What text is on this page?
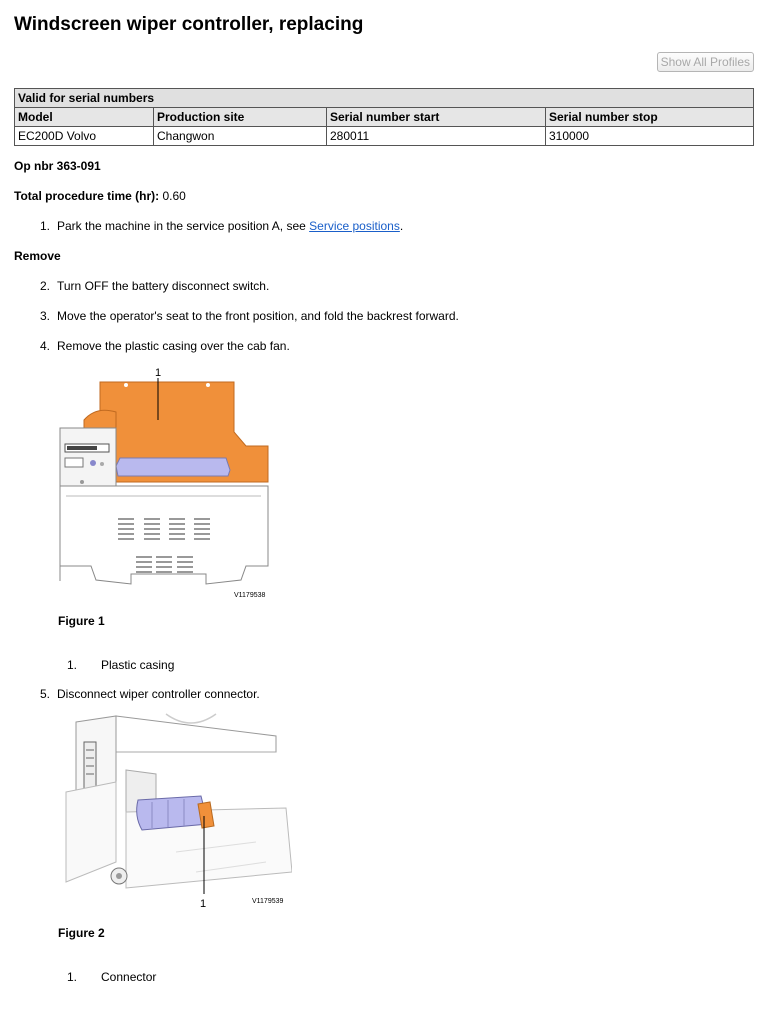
Windscreen wiper controller, replacing
Show All Profiles
Valid for serial numbers			
Model	Production site	Serial number start	Serial number stop
EC200D Volvo	Changwon	280011	310000

Op nbr 363-091

Total procedure time (hr): 0.60

1. Park the machine in the service position A, see Service positions.

Remove

2. Turn OFF the battery disconnect switch.
3. Move the operator's seat to the front position, and fold the backrest forward.
4. Remove the plastic casing over the cab fan.
1
V1179538
Figure 1
1. Plastic casing
5. Disconnect wiper controller connector.
1	V1179539
Figure 2
1. Connector
